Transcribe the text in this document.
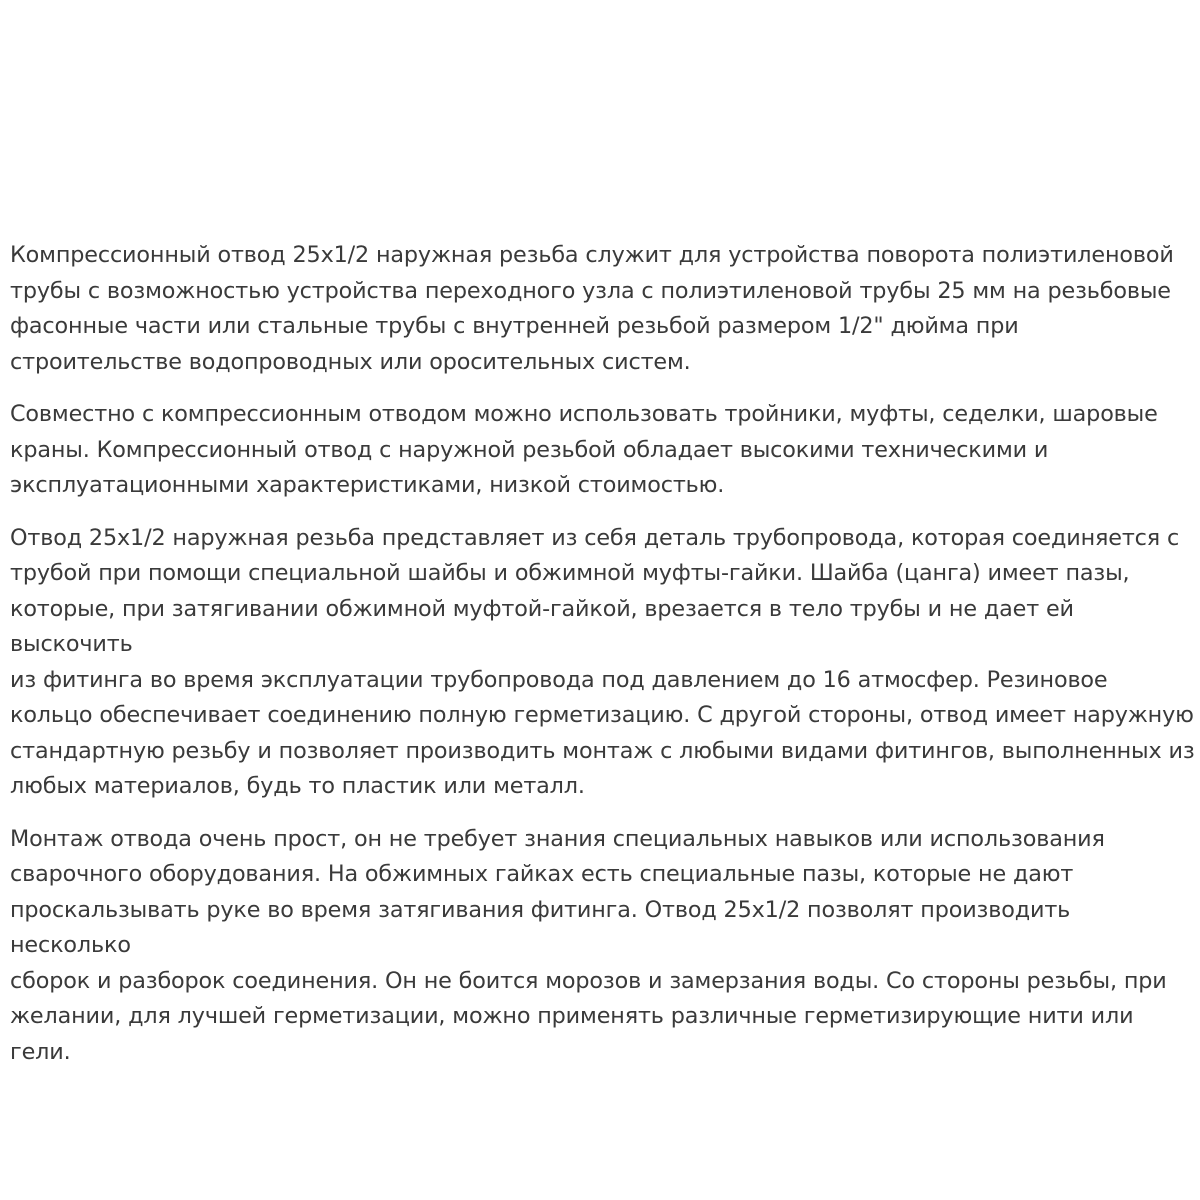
Компрессионный отвод 25х1/2 наружная резьба служит для устройства поворота полиэтиленовой
трубы с возможностью устройства переходного узла с полиэтиленовой трубы 25 мм на резьбовые
фасонные части или стальные трубы с внутренней резьбой размером 1/2" дюйма при
строительстве водопроводных или оросительных систем.

Совместно с компрессионным отводом можно использовать тройники, муфты, седелки, шаровые
краны. Компрессионный отвод с наружной резьбой обладает высокими техническими и
эксплуатационными характеристиками, низкой стоимостью.

Отвод 25х1/2 наружная резьба представляет из себя деталь трубопровода, которая соединяется с
трубой при помощи специальной шайбы и обжимной муфты-гайки. Шайба (цанга) имеет пазы,
которые, при затягивании обжимной муфтой-гайкой, врезается в тело трубы и не дает ей выскочить
из фитинга во время эксплуатации трубопровода под давлением до 16 атмосфер. Резиновое
кольцо обеспечивает соединению полную герметизацию. С другой стороны, отвод имеет наружную
стандартную резьбу и позволяет производить монтаж с любыми видами фитингов, выполненных из
любых материалов, будь то пластик или металл.

Монтаж отвода очень прост, он не требует знания специальных навыков или использования
сварочного оборудования. На обжимных гайках есть специальные пазы, которые не дают
проскальзывать руке во время затягивания фитинга. Отвод 25х1/2 позволят производить несколько
сборок и разборок соединения. Он не боится морозов и замерзания воды. Со стороны резьбы, при
желании, для лучшей герметизации, можно применять различные герметизирующие нити или гели.
